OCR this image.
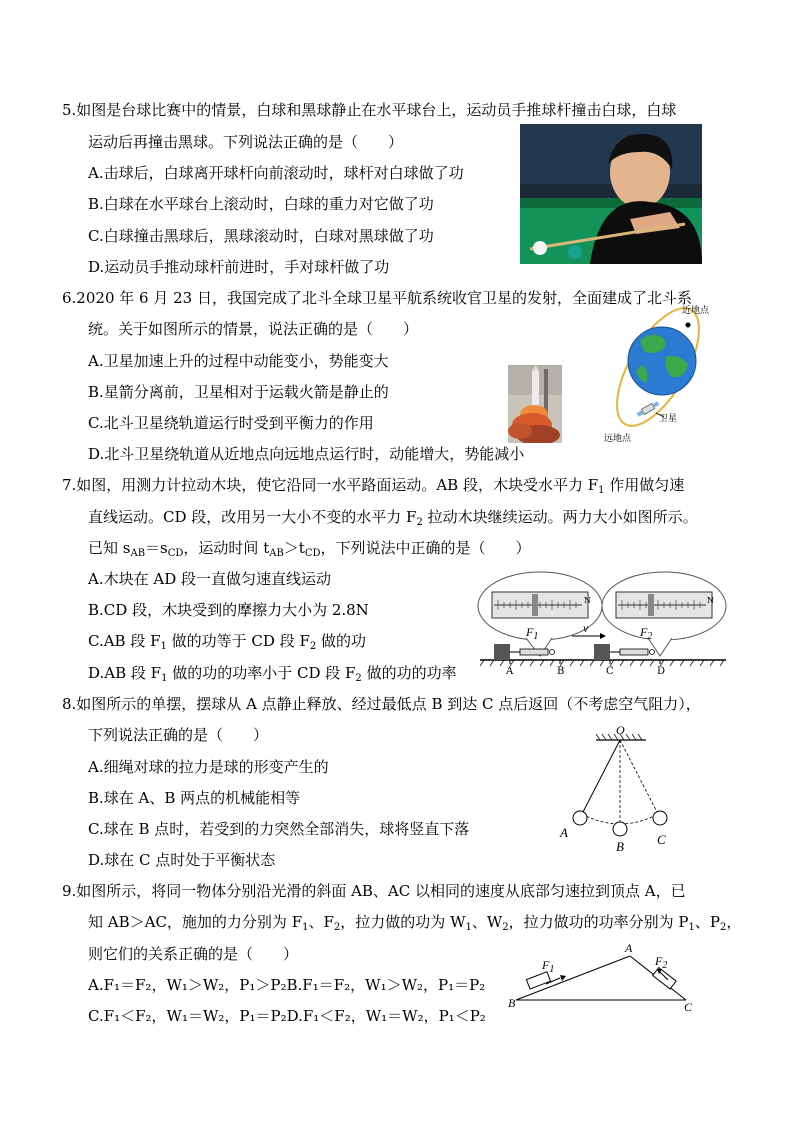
5.如图是台球比赛中的情景，白球和黑球静止在水平球台上，运动员手推球杆撞击白球，白球
运动后再撞击黑球。下列说法正确的是（　　）
A.击球后，白球离开球杆向前滚动时，球杆对白球做了功
B.白球在水平球台上滚动时，白球的重力对它做了功
C.白球撞击黑球后，黑球滚动时，白球对黑球做了功
D.运动员手推动球杆前进时，手对球杆做了功
6.2020 年 6 月 23 日，我国完成了北斗全球卫星平航系统收官卫星的发射，全面建成了北斗系
统。关于如图所示的情景，说法正确的是（　　）
A.卫星加速上升的过程中动能变小，势能变大
B.星箭分离前，卫星相对于运载火箭是静止的
C.北斗卫星绕轨道运行时受到平衡力的作用
D.北斗卫星绕轨道从近地点向远地点运行时，动能增大，势能减小
近地点
卫星
远地点
7.如图，用测力计拉动木块，使它沿同一水平路面运动。AB 段，木块受水平力 $F_1$ 作用做匀速
直线运动。CD 段，改用另一大小不变的水平力 $F_2$ 拉动木块继续运动。两力大小如图所示。
已知 $s_{AB}=s_{CD}$，运动时间 $t_{AB}>t_{CD}$，下列说法中正确的是（　　）
A.木块在 AD 段一直做匀速直线运动
B.CD 段，木块受到的摩擦力大小为 2.8N
C.AB 段 $F_1$ 做的功等于 CD 段 $F_2$ 做的功
D.AB 段 $F_1$ 做的功的功率小于 CD 段 $F_2$ 做的功的功率
$F_1$	$F_2$
v
A	B	C	D
N	N
8.如图所示的单摆，摆球从 A 点静止释放、经过最低点 B 到达 C 点后返回（不考虑空气阻力），
下列说法正确的是（　　）
A.细绳对球的拉力是球的形变产生的
B.球在 A、B 两点的机械能相等
C.球在 B 点时，若受到的力突然全部消失，球将竖直下落
D.球在 C 点时处于平衡状态
O
A
B	C
9.如图所示，将同一物体分别沿光滑的斜面 AB、AC 以相同的速度从底部匀速拉到顶点 A，已
知 AB＞AC，施加的力分别为 $F_1$、$F_2$，拉力做的功为 $W_1$、$W_2$，拉力做功的功率分别为 $P_1$、$P_2$，
则它们的关系正确的是（　　）
A.F₁＝F₂，W₁＞W₂，P₁＞P₂B.F₁＝F₂，W₁＞W₂，P₁＝P₂
C.F₁＜F₂，W₁＝W₂，P₁＝P₂D.F₁＜F₂，W₁＝W₂，P₁＜P₂
$F_1$
$F_2$
A
B	C
